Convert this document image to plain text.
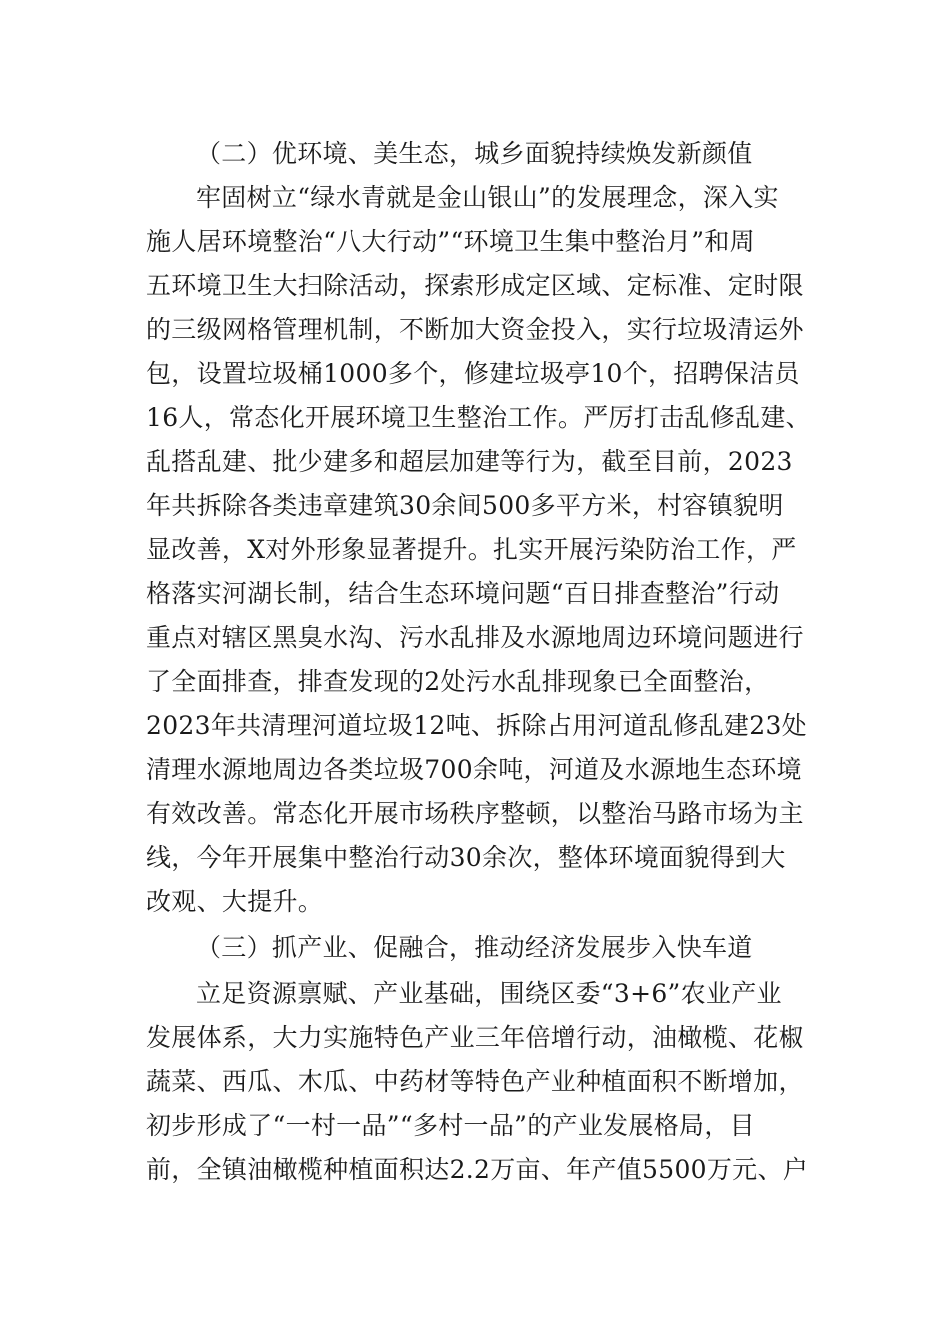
（二）优环境、美生态，城乡面貌持续焕发新颜值
牢固树立“绿水青就是金山银山”的发展理念，深入实
施人居环境整治“八大行动”“环境卫生集中整治月”和周
五环境卫生大扫除活动，探索形成定区域、定标准、定时限
的三级网格管理机制，不断加大资金投入，实行垃圾清运外
包，设置垃圾桶1000多个，修建垃圾亭10个，招聘保洁员
16人，常态化开展环境卫生整治工作。严厉打击乱修乱建、
乱搭乱建、批少建多和超层加建等行为，截至目前，2023
年共拆除各类违章建筑30余间500多平方米，村容镇貌明
显改善，X对外形象显著提升。扎实开展污染防治工作，严
格落实河湖长制，结合生态环境问题“百日排查整治”行动
重点对辖区黑臭水沟、污水乱排及水源地周边环境问题进行
了全面排查，排查发现的2处污水乱排现象已全面整治，
2023年共清理河道垃圾12吨、拆除占用河道乱修乱建23处
清理水源地周边各类垃圾700余吨，河道及水源地生态环境
有效改善。常态化开展市场秩序整顿，以整治马路市场为主
线，今年开展集中整治行动30余次，整体环境面貌得到大
改观、大提升。
（三）抓产业、促融合，推动经济发展步入快车道
立足资源禀赋、产业基础，围绕区委“3+6”农业产业
发展体系，大力实施特色产业三年倍增行动，油橄榄、花椒
蔬菜、西瓜、木瓜、中药材等特色产业种植面积不断增加，
初步形成了“一村一品”“多村一品”的产业发展格局，目
前，全镇油橄榄种植面积达2.2万亩、年产值5500万元、户
